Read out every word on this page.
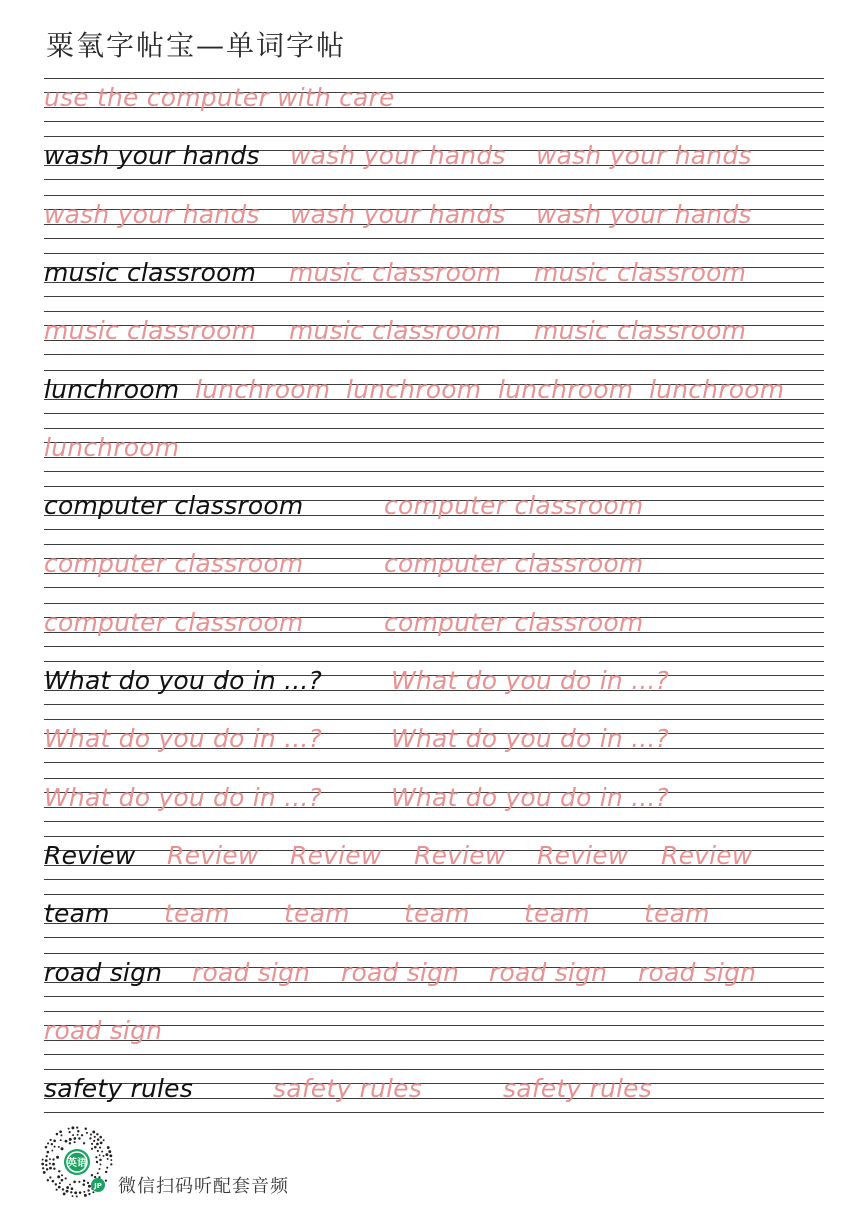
粟氧字帖宝—单词字帖
use the computer with care
wash your hands wash your hands wash your hands
wash your hands wash your hands wash your hands
music classroom music classroom music classroom
music classroom music classroom music classroom
lunchroom lunchroom lunchroom lunchroom lunchroom
lunchroom
computer classroom	computer classroom
computer classroom	computer classroom
computer classroom	computer classroom
What do you do in ...?	What do you do in ...?
What do you do in ...?	What do you do in ...?
What do you do in ...?	What do you do in ...?
Review Review Review Review Review Review
team team team team team team
road sign road sign road sign road sign road sign
road sign
safety rules	safety rules	safety rules
英语
JP 微信扫码听配套音频
